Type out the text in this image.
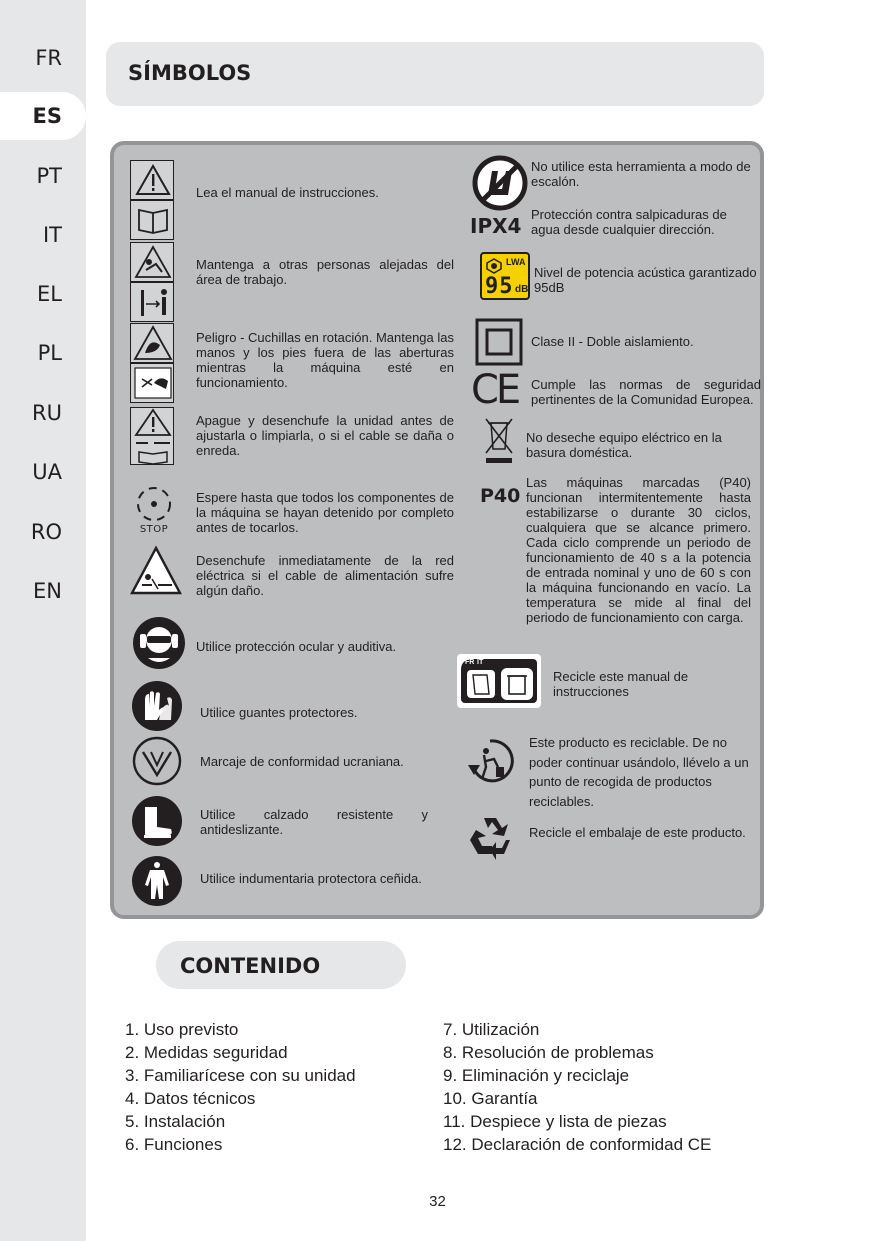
FR
ES
PT
IT
EL
PL
RU
UA
RO
EN
SÍMBOLOS
Lea el manual de instrucciones.
Mantenga a otras personas alejadas del área de trabajo.
Peligro - Cuchillas en rotación. Mantenga las manos y los pies fuera de las aberturas mientras la máquina esté en funcionamiento.
Apague y desenchufe la unidad antes de ajustarla o limpiarla, o si el cable se daña o enreda.
STOP
Espere hasta que todos los componentes de la máquina se hayan detenido por completo antes de tocarlos.
Desenchufe inmediatamente de la red eléctrica si el cable de alimentación sufre algún daño.
Utilice protección ocular y auditiva.
Utilice guantes protectores.
Marcaje de conformidad ucraniana.
Utilice calzado resistente y antideslizante.
Utilice indumentaria protectora ceñida.
No utilice esta herramienta a modo de escalón.
IPX4 Protección contra salpicaduras de agua desde cualquier dirección.
LWA
95 dB
Nivel de potencia acústica garantizado 95dB
Clase II - Doble aislamiento.
CE Cumple las normas de seguridad pertinentes de la Comunidad Europea.
No deseche equipo eléctrico en la basura doméstica.
P40
Las máquinas marcadas (P40) funcionan intermitentemente hasta estabilizarse o durante 30 ciclos, cualquiera que se alcance primero. Cada ciclo comprende un periodo de funcionamiento de 40 s a la potencia de entrada nominal y uno de 60 s con la máquina funcionando en vacío. La temperatura se mide al final del periodo de funcionamiento con carga.
FR IT
Recicle este manual de instrucciones
Este producto es reciclable. De no poder continuar usándolo, llévelo a un punto de recogida de productos reciclables.
Recicle el embalaje de este producto.
CONTENIDO
1. Uso previsto
2. Medidas seguridad
3. Familiarícese con su unidad
4. Datos técnicos
5. Instalación
6. Funciones
7. Utilización
8. Resolución de problemas
9. Eliminación y reciclaje
10. Garantía
11. Despiece y lista de piezas
12. Declaración de conformidad CE
32
